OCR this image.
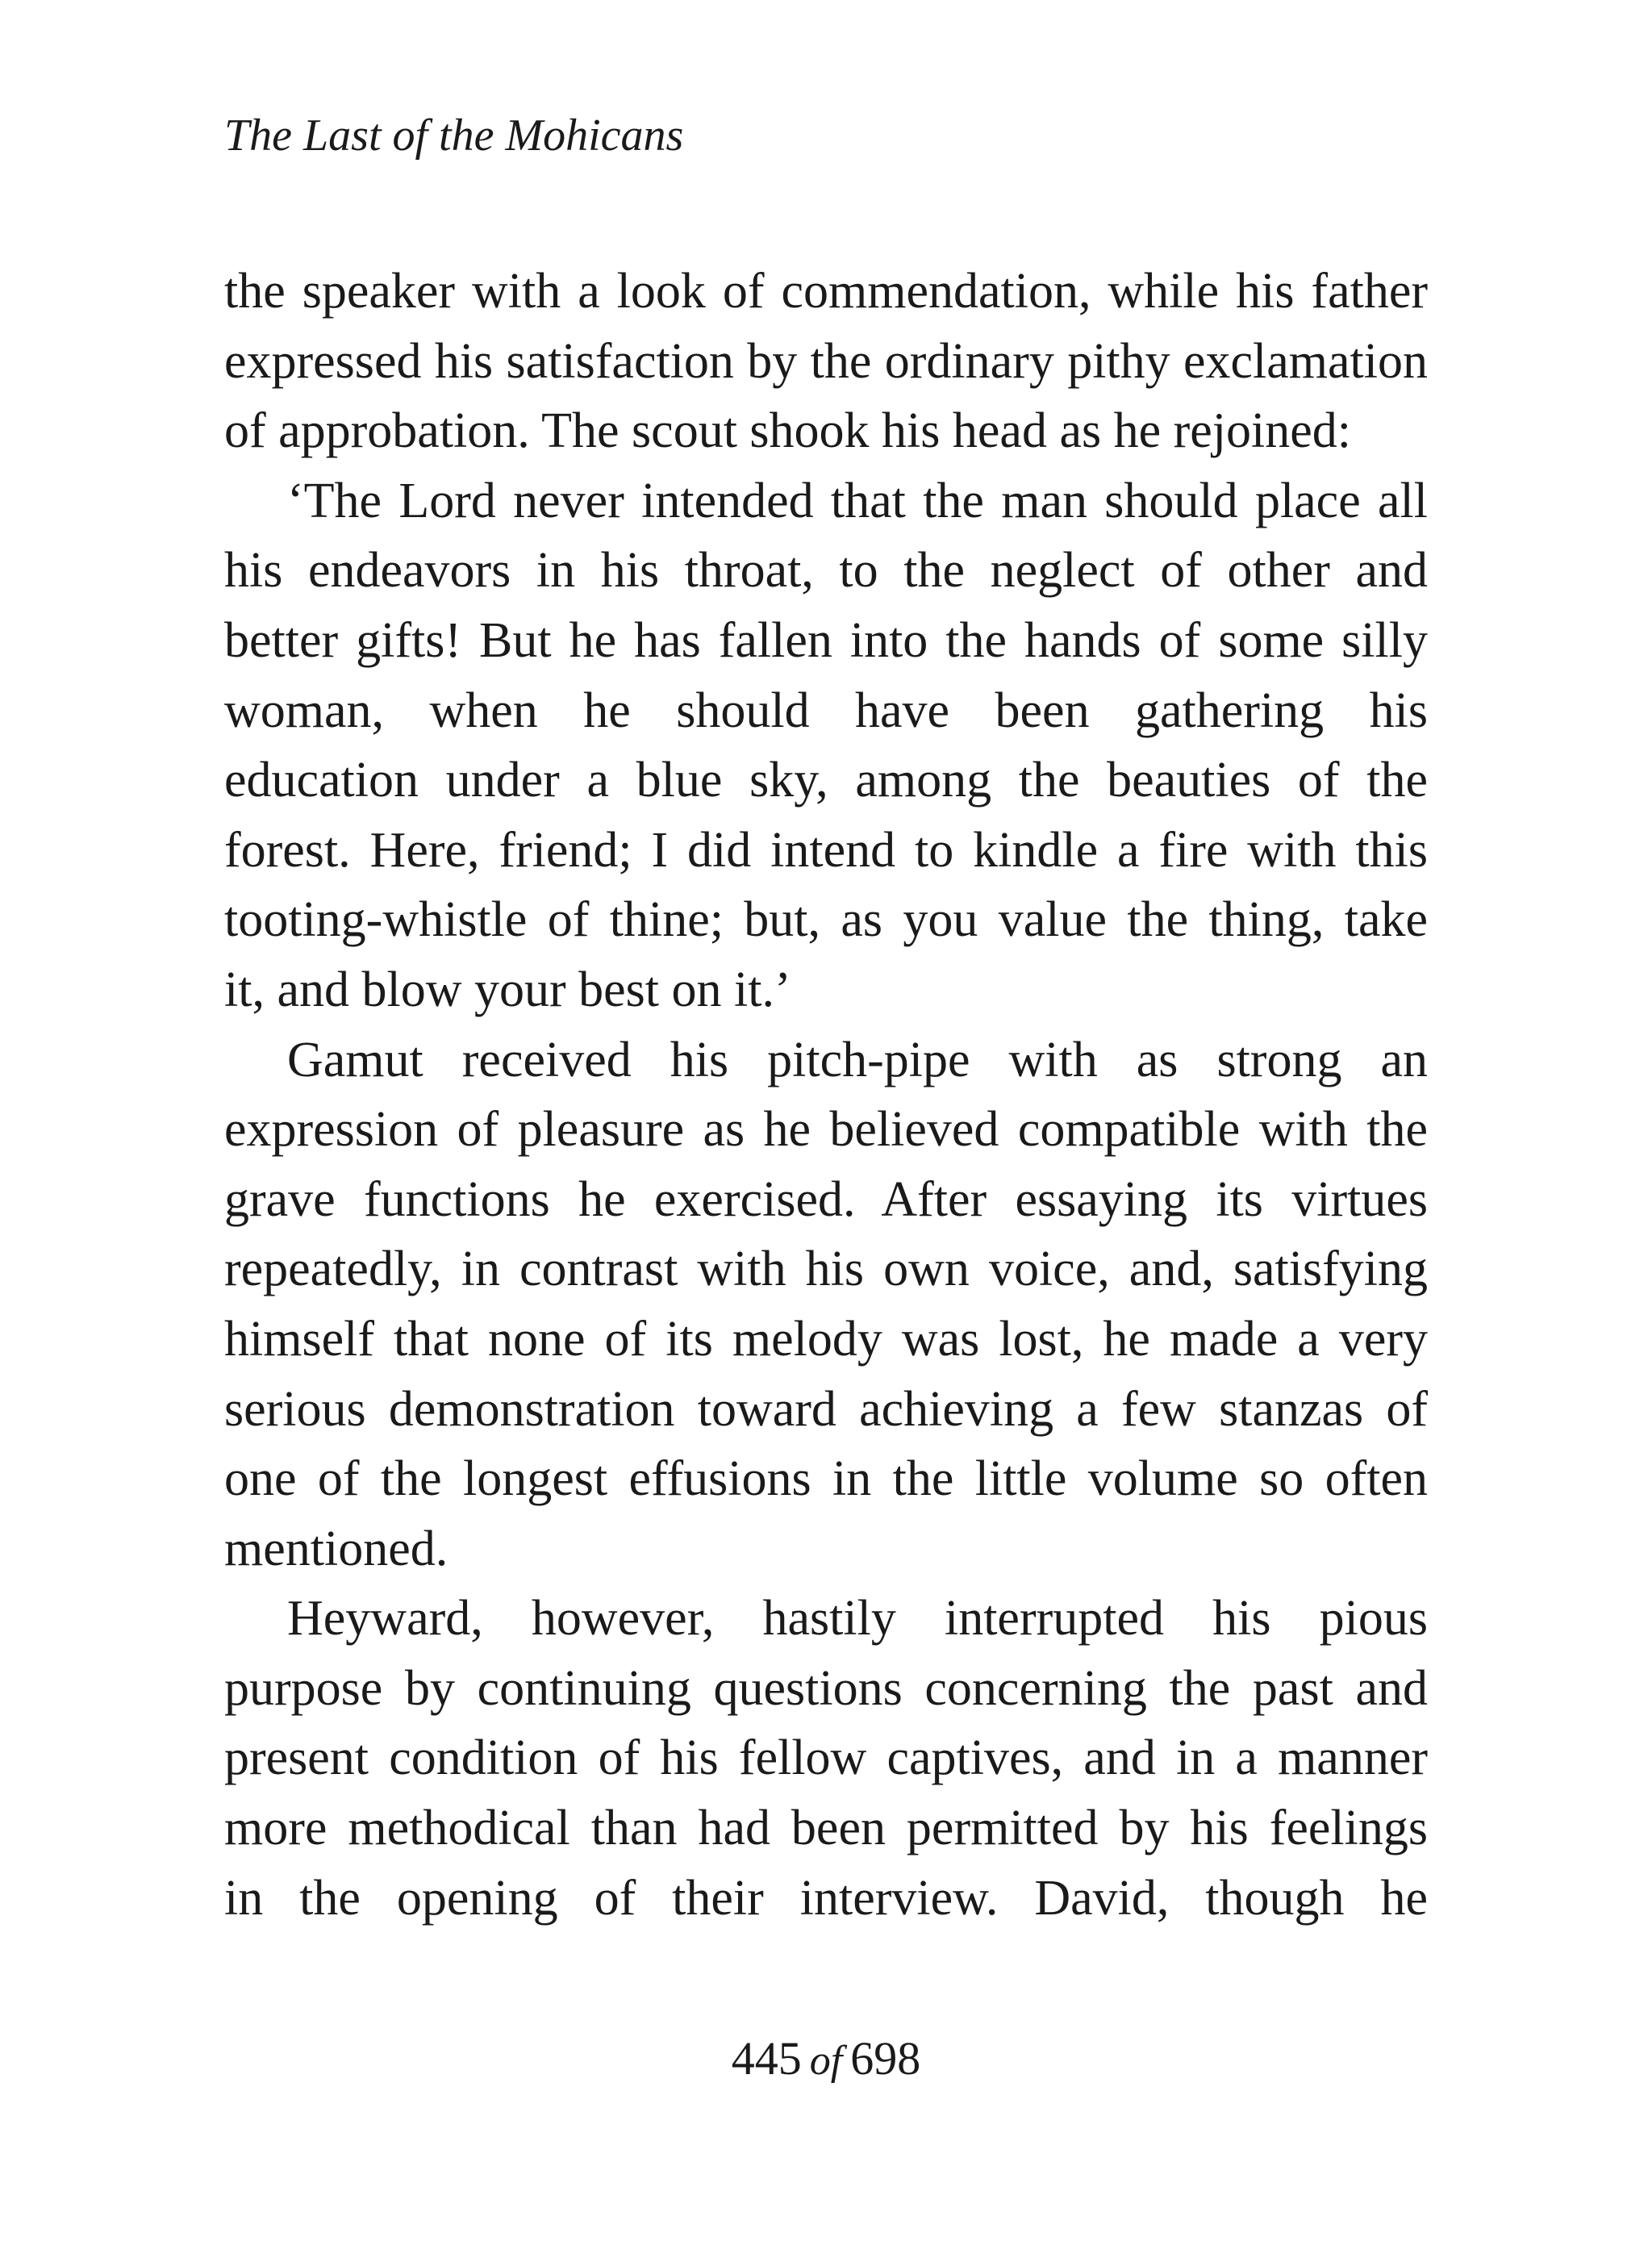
The Last of the Mohicans
the speaker with a look of commendation, while his father
expressed his satisfaction by the ordinary pithy exclamation
of approbation. The scout shook his head as he rejoined:
‘The Lord never intended that the man should place all
his endeavors in his throat, to the neglect of other and
better gifts! But he has fallen into the hands of some silly
woman, when he should have been gathering his
education under a blue sky, among the beauties of the
forest. Here, friend; I did intend to kindle a fire with this
tooting-whistle of thine; but, as you value the thing, take
it, and blow your best on it.’
Gamut received his pitch-pipe with as strong an
expression of pleasure as he believed compatible with the
grave functions he exercised. After essaying its virtues
repeatedly, in contrast with his own voice, and, satisfying
himself that none of its melody was lost, he made a very
serious demonstration toward achieving a few stanzas of
one of the longest effusions in the little volume so often
mentioned.
Heyward, however, hastily interrupted his pious
purpose by continuing questions concerning the past and
present condition of his fellow captives, and in a manner
more methodical than had been permitted by his feelings
in the opening of their interview. David, though he
445 of 698
